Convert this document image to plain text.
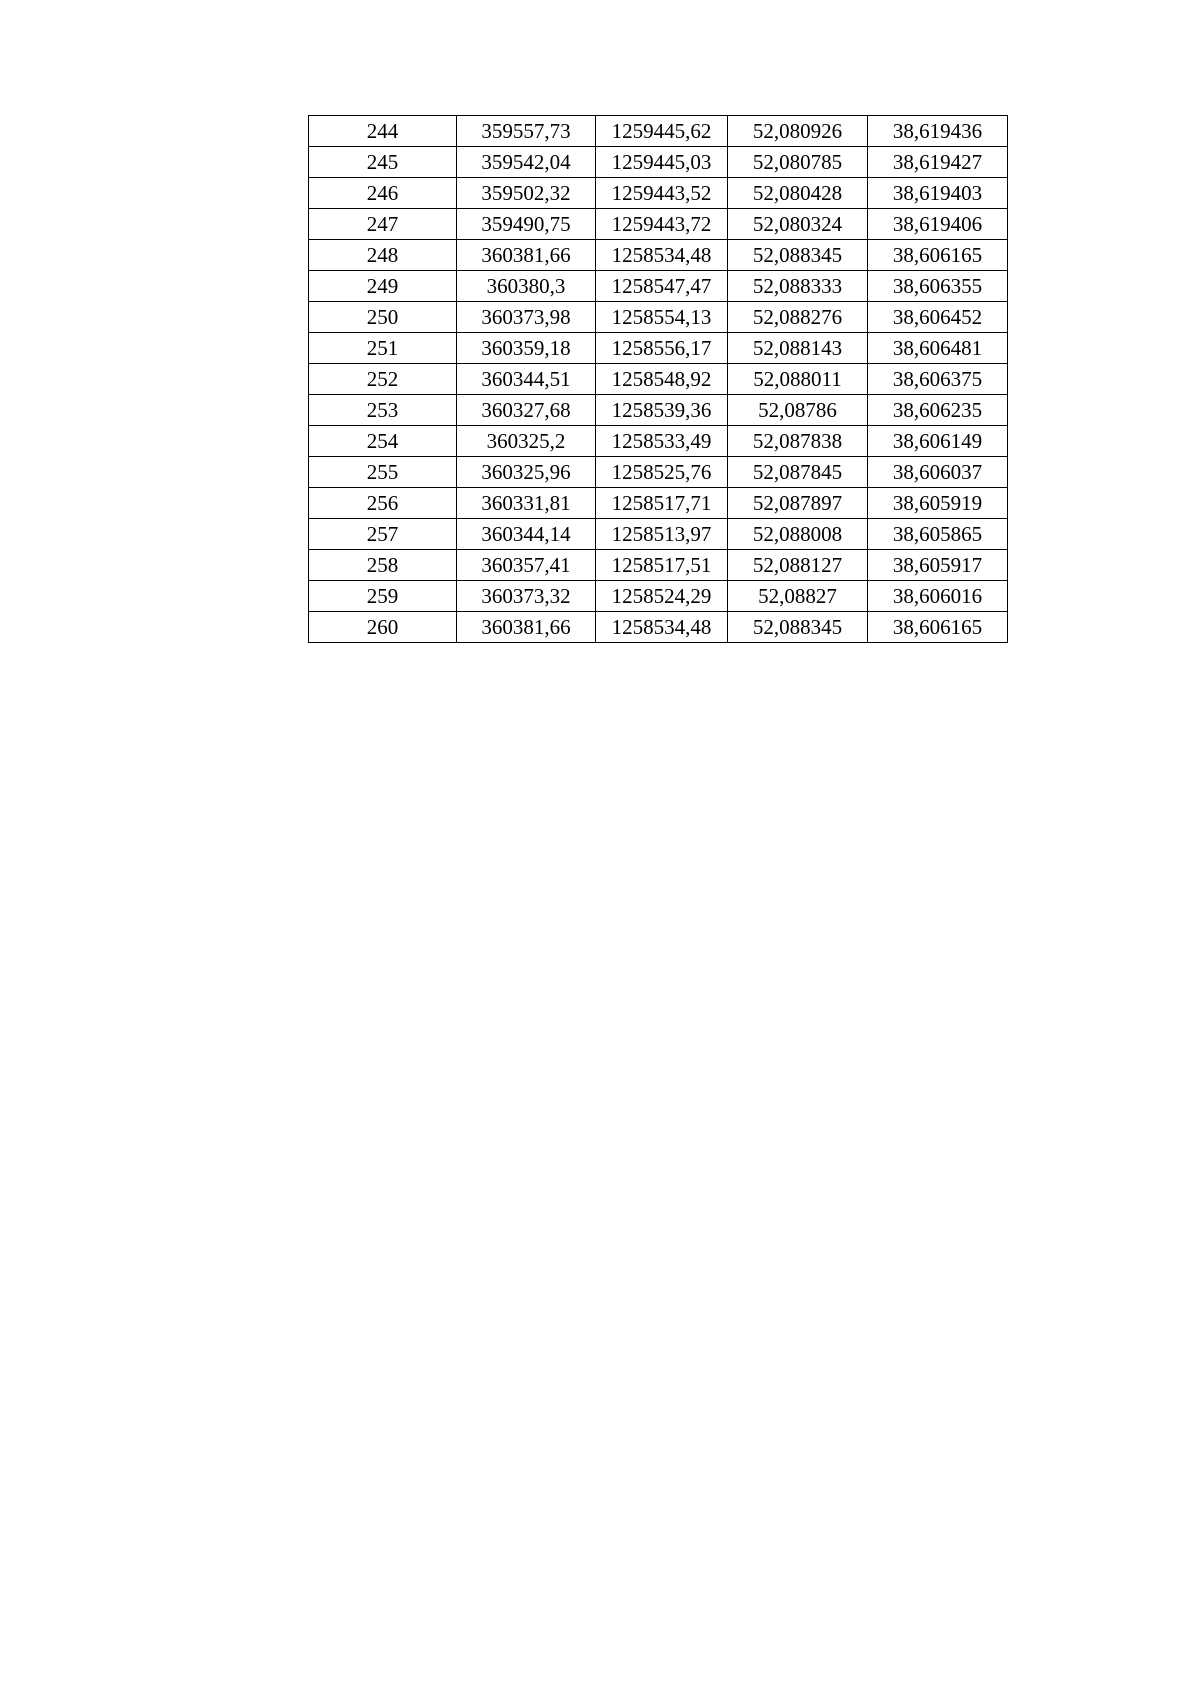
244	359557,73	1259445,62	52,080926	38,619436
245	359542,04	1259445,03	52,080785	38,619427
246	359502,32	1259443,52	52,080428	38,619403
247	359490,75	1259443,72	52,080324	38,619406
248	360381,66	1258534,48	52,088345	38,606165
249	360380,3	1258547,47	52,088333	38,606355
250	360373,98	1258554,13	52,088276	38,606452
251	360359,18	1258556,17	52,088143	38,606481
252	360344,51	1258548,92	52,088011	38,606375
253	360327,68	1258539,36	52,08786	38,606235
254	360325,2	1258533,49	52,087838	38,606149
255	360325,96	1258525,76	52,087845	38,606037
256	360331,81	1258517,71	52,087897	38,605919
257	360344,14	1258513,97	52,088008	38,605865
258	360357,41	1258517,51	52,088127	38,605917
259	360373,32	1258524,29	52,08827	38,606016
260	360381,66	1258534,48	52,088345	38,606165
